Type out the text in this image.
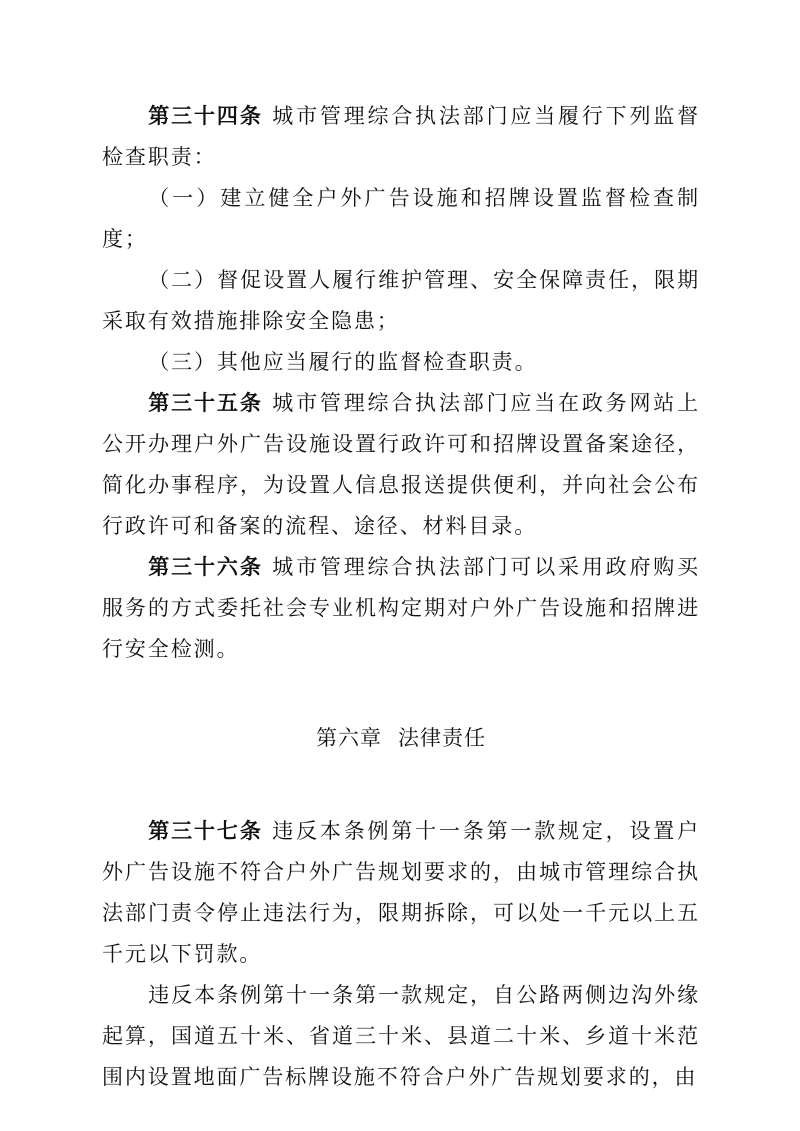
第三十四条 城市管理综合执法部门应当履行下列监督检查职责：

（一）建立健全户外广告设施和招牌设置监督检查制度；

（二）督促设置人履行维护管理、安全保障责任，限期采取有效措施排除安全隐患；

（三）其他应当履行的监督检查职责。

第三十五条 城市管理综合执法部门应当在政务网站上公开办理户外广告设施设置行政许可和招牌设置备案途径，简化办事程序，为设置人信息报送提供便利，并向社会公布行政许可和备案的流程、途径、材料目录。

第三十六条 城市管理综合执法部门可以采用政府购买服务的方式委托社会专业机构定期对户外广告设施和招牌进行安全检测。

第六章 法律责任

第三十七条 违反本条例第十一条第一款规定，设置户外广告设施不符合户外广告规划要求的，由城市管理综合执法部门责令停止违法行为，限期拆除，可以处一千元以上五千元以下罚款。

违反本条例第十一条第一款规定，自公路两侧边沟外缘起算，国道五十米、省道三十米、县道二十米、乡道十米范围内设置地面广告标牌设施不符合户外广告规划要求的，由
